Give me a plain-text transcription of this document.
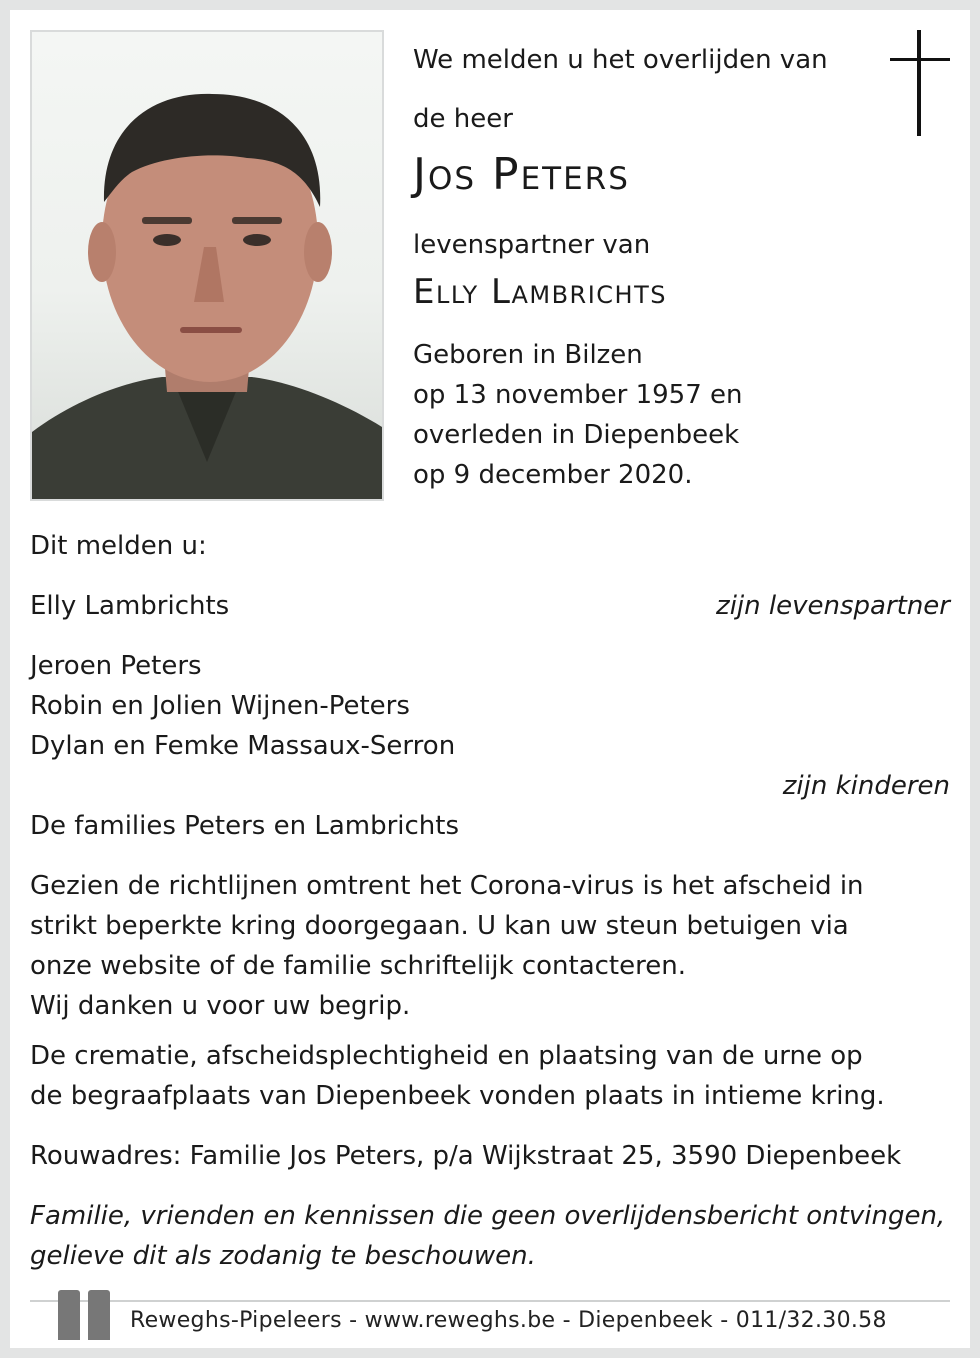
We melden u het overlijden van
de heer
Jos Peters
levenspartner van
Elly Lambrichts
Geboren in Bilzen
op 13 november 1957 en
overleden in Diepenbeek
op 9 december 2020.
Dit melden u:
Elly Lambrichts	zijn levenspartner
Jeroen Peters
Robin en Jolien Wijnen-Peters
Dylan en Femke Massaux-Serron
zijn kinderen
De families Peters en Lambrichts
Gezien de richtlijnen omtrent het Corona-virus is het afscheid in
strikt beperkte kring doorgegaan. U kan uw steun betuigen via
onze website of de familie schriftelijk contacteren.
Wij danken u voor uw begrip.
De crematie, afscheidsplechtigheid en plaatsing van de urne op
de begraafplaats van Diepenbeek vonden plaats in intieme kring.
Rouwadres: Familie Jos Peters, p/a Wijkstraat 25, 3590 Diepenbeek
Familie, vrienden en kennissen die geen overlijdensbericht ontvingen,
gelieve dit als zodanig te beschouwen.
Reweghs-Pipeleers - www.reweghs.be - Diepenbeek - 011/32.30.58
